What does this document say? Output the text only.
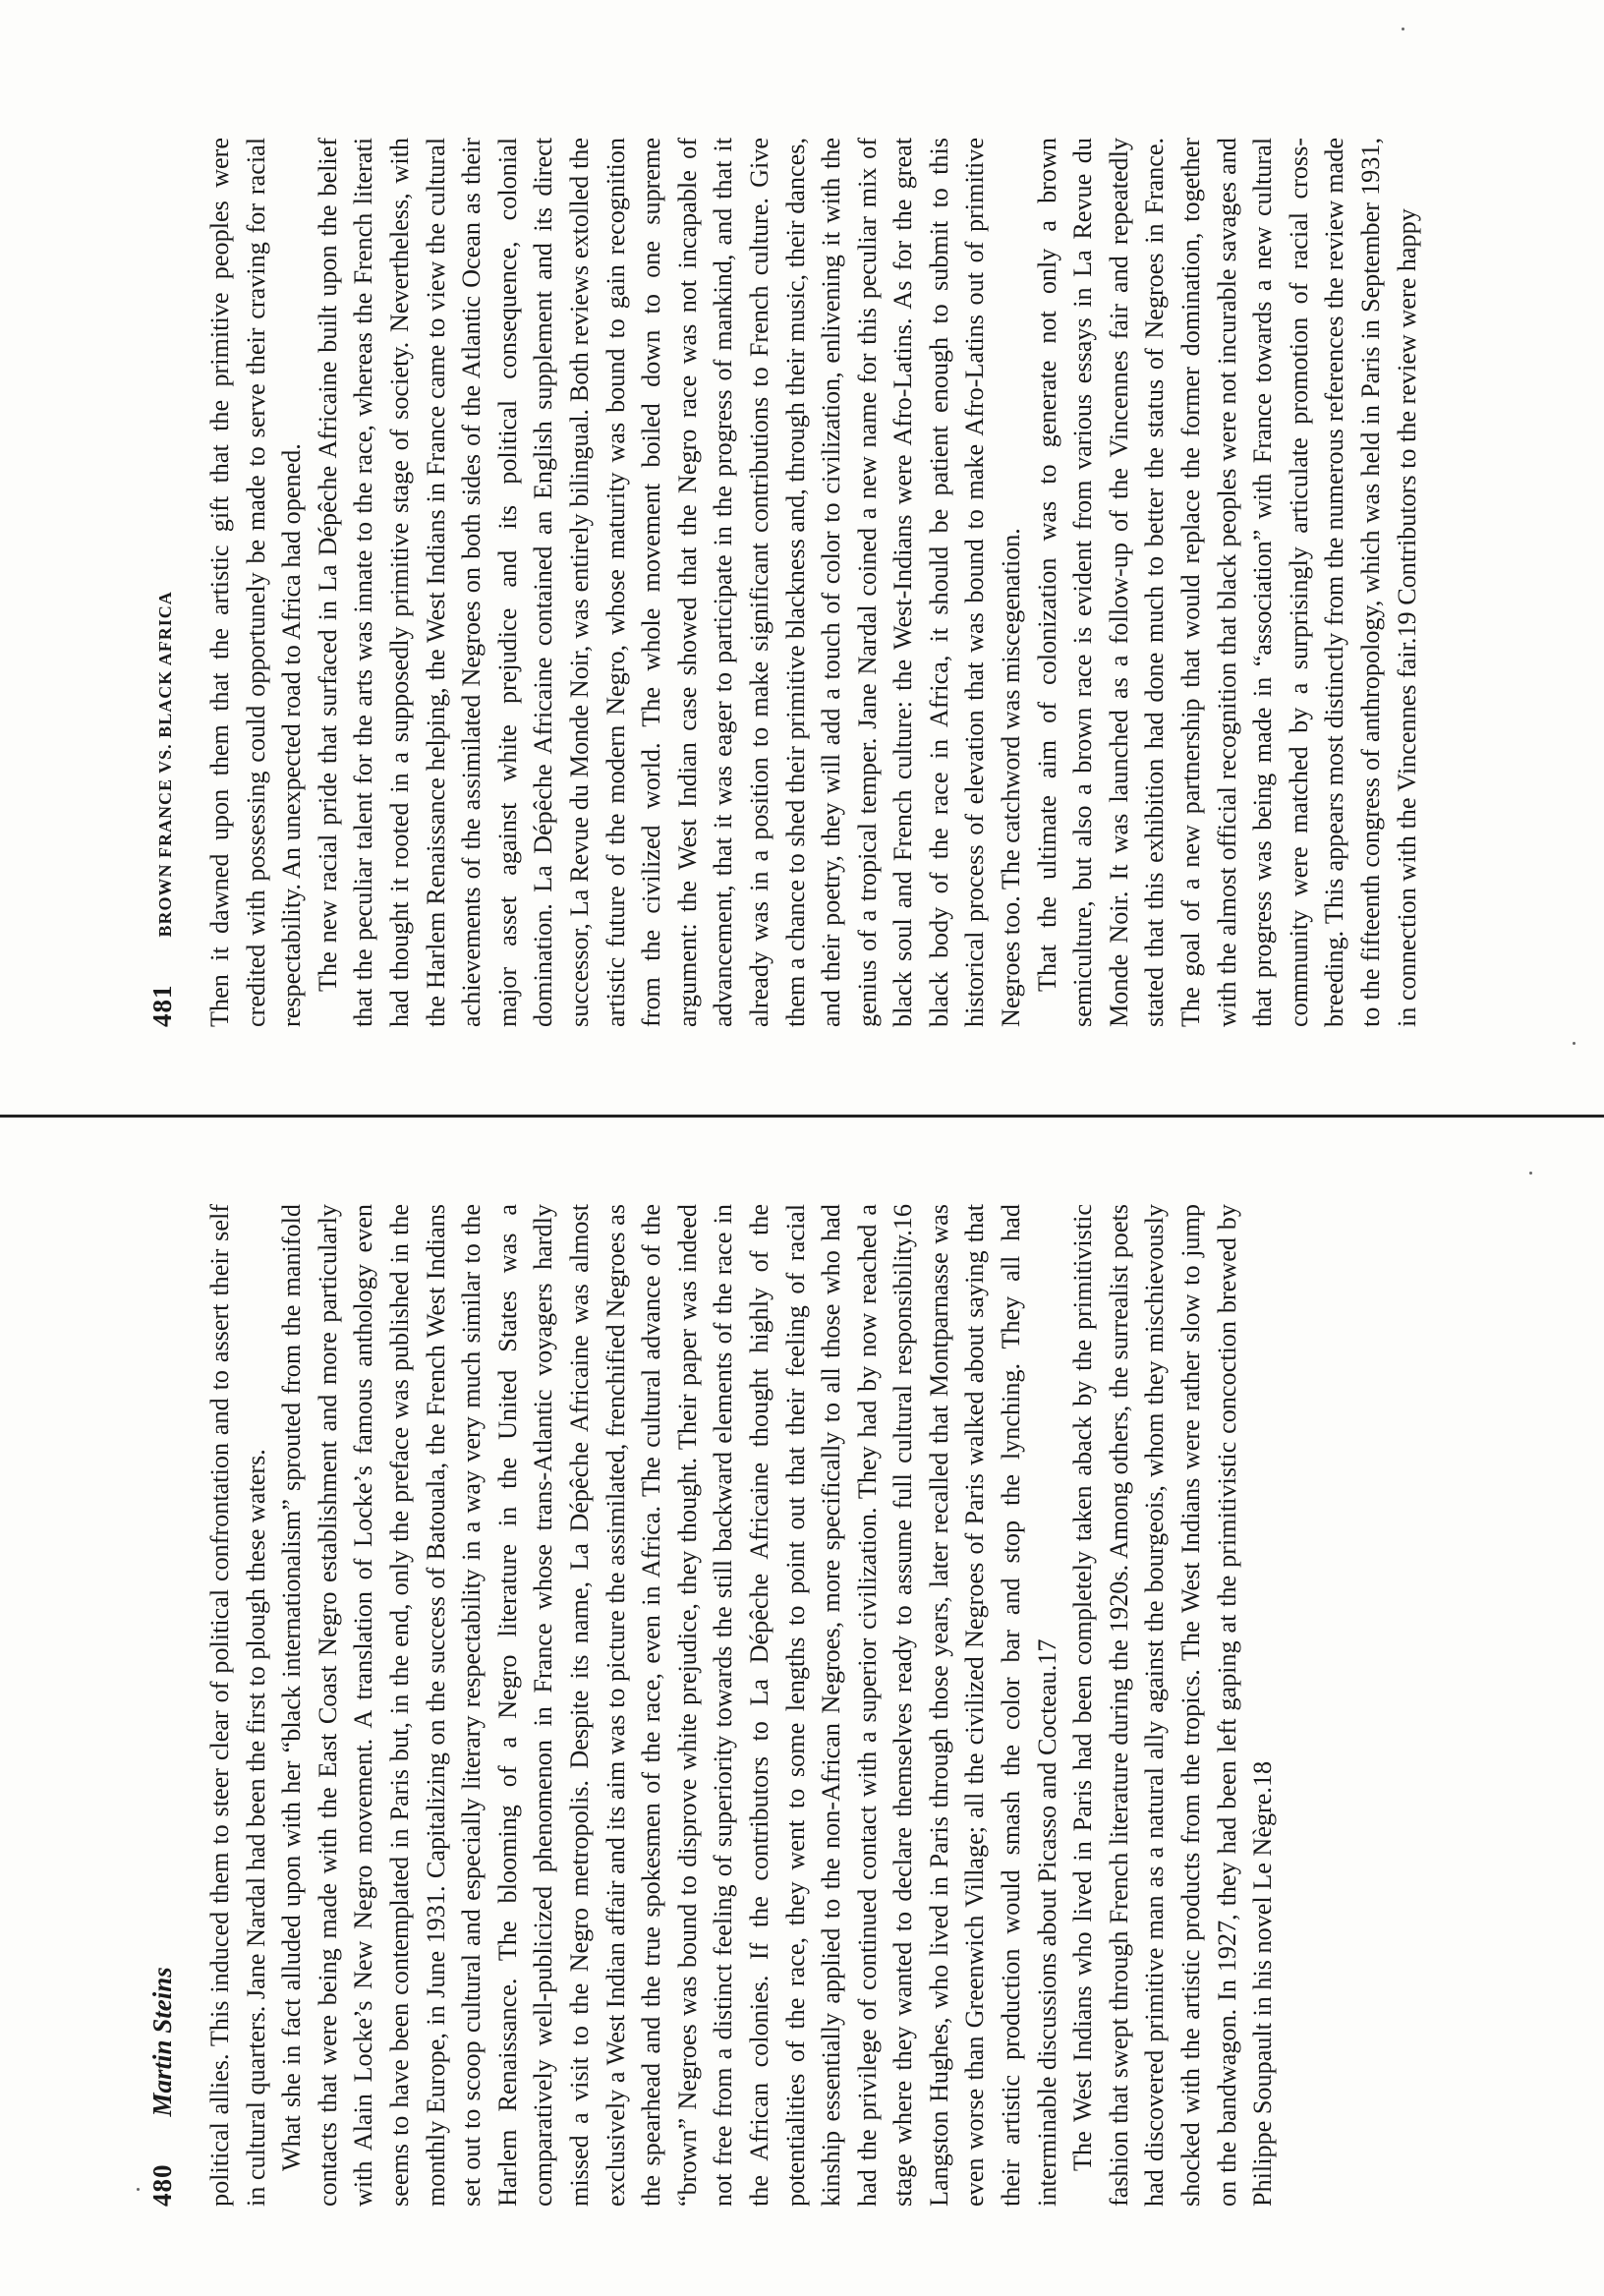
481
BROWN FRANCE VS. BLACK AFRICA Then it dawned upon them that the artistic gift that the primitive peoples were credited with possessing could opportunely be made to serve their craving for racial respectability. An unexpected road to Africa had opened. The new racial pride that surfaced in La Dépêche Africaine built upon the belief that the peculiar talent for the arts was innate to the race, whereas the French literati had thought it rooted in a supposedly primitive stage of society. Nevertheless, with the Harlem Renaissance helping, the West Indians in France came to view the cultural achievements of the assimilated Negroes on both sides of the Atlantic Ocean as their major asset against white prejudice and its political consequence, colonial domination. La Dépêche Africaine contained an English supplement and its direct successor, La Revue du Monde Noir, was entirely bilingual. Both reviews extolled the artistic future of the modern Negro, whose maturity was bound to gain recognition from the civilized world. The whole movement boiled down to one supreme argument: the West Indian case showed that the Negro race was not incapable of advancement, that it was eager to participate in the progress of mankind, and that it already was in a position to make significant contributions to French culture. Give them a chance to shed their primitive blackness and, through their music, their dances, and their poetry, they will add a touch of color to civilization, enlivening it with the genius of a tropical temper. Jane Nardal coined a new name for this peculiar mix of black soul and French culture: the West-Indians were Afro-Latins. As for the great black body of the race in Africa, it should be patient enough to submit to this historical process of elevation that was bound to make Afro-Latins out of primitive Negroes too. The catchword was miscegenation. That the ultimate aim of colonization was to generate not only a brown semiculture, but also a brown race is evident from various essays in La Revue du Monde Noir. It was launched as a follow-up of the Vincennes fair and repeatedly stated that this exhibition had done much to better the status of Negroes in France. The goal of a new partnership that would replace the former domination, together with the almost official recognition that black peoples were not incurable savages and that progress was being made in “association” with France towards a new cultural community were matched by a surprisingly articulate promotion of racial cross-breeding. This appears most distinctly from the numerous references the review made to the fifteenth congress of anthropology, which was held in Paris in September 1931, in connection with the Vincennes fair.19 Contributors to the review were happy

480
Martin Steins political allies. This induced them to steer clear of political confrontation and to assert their self in cultural quarters. Jane Nardal had been the first to plough these waters. What she in fact alluded upon with her “black internationalism” sprouted from the manifold contacts that were being made with the East Coast Negro establishment and more particularly with Alain Locke’s New Negro movement. A translation of Locke’s famous anthology even seems to have been contemplated in Paris but, in the end, only the preface was published in the monthly Europe, in June 1931. Capitalizing on the success of Batouala, the French West Indians set out to scoop cultural and especially literary respectability in a way very much similar to the Harlem Renaissance. The blooming of a Negro literature in the United States was a comparatively well-publicized phenomenon in France whose trans-Atlantic voyagers hardly missed a visit to the Negro metropolis. Despite its name, La Dépêche Africaine was almost exclusively a West Indian affair and its aim was to picture the assimilated, frenchified Negroes as the spearhead and the true spokesmen of the race, even in Africa. The cultural advance of the “brown” Negroes was bound to disprove white prejudice, they thought. Their paper was indeed not free from a distinct feeling of superiority towards the still backward elements of the race in the African colonies. If the contributors to La Dépêche Africaine thought highly of the potentialities of the race, they went to some lengths to point out that their feeling of racial kinship essentially applied to the non-African Negroes, more specifically to all those who had had the privilege of continued contact with a superior civilization. They had by now reached a stage where they wanted to declare themselves ready to assume full cultural responsibility.16 Langston Hughes, who lived in Paris through those years, later recalled that Montparnasse was even worse than Greenwich Village; all the civilized Negroes of Paris walked about saying that their artistic production would smash the color bar and stop the lynching. They all had interminable discussions about Picasso and Cocteau.17 The West Indians who lived in Paris had been completely taken aback by the primitivistic fashion that swept through French literature during the 1920s. Among others, the surrealist poets had discovered primitive man as a natural ally against the bourgeois, whom they mischievously shocked with the artistic products from the tropics. The West Indians were rather slow to jump on the bandwagon. In 1927, they had been left gaping at the primitivistic concoction brewed by Philippe Soupault in his novel Le Nègre.18
